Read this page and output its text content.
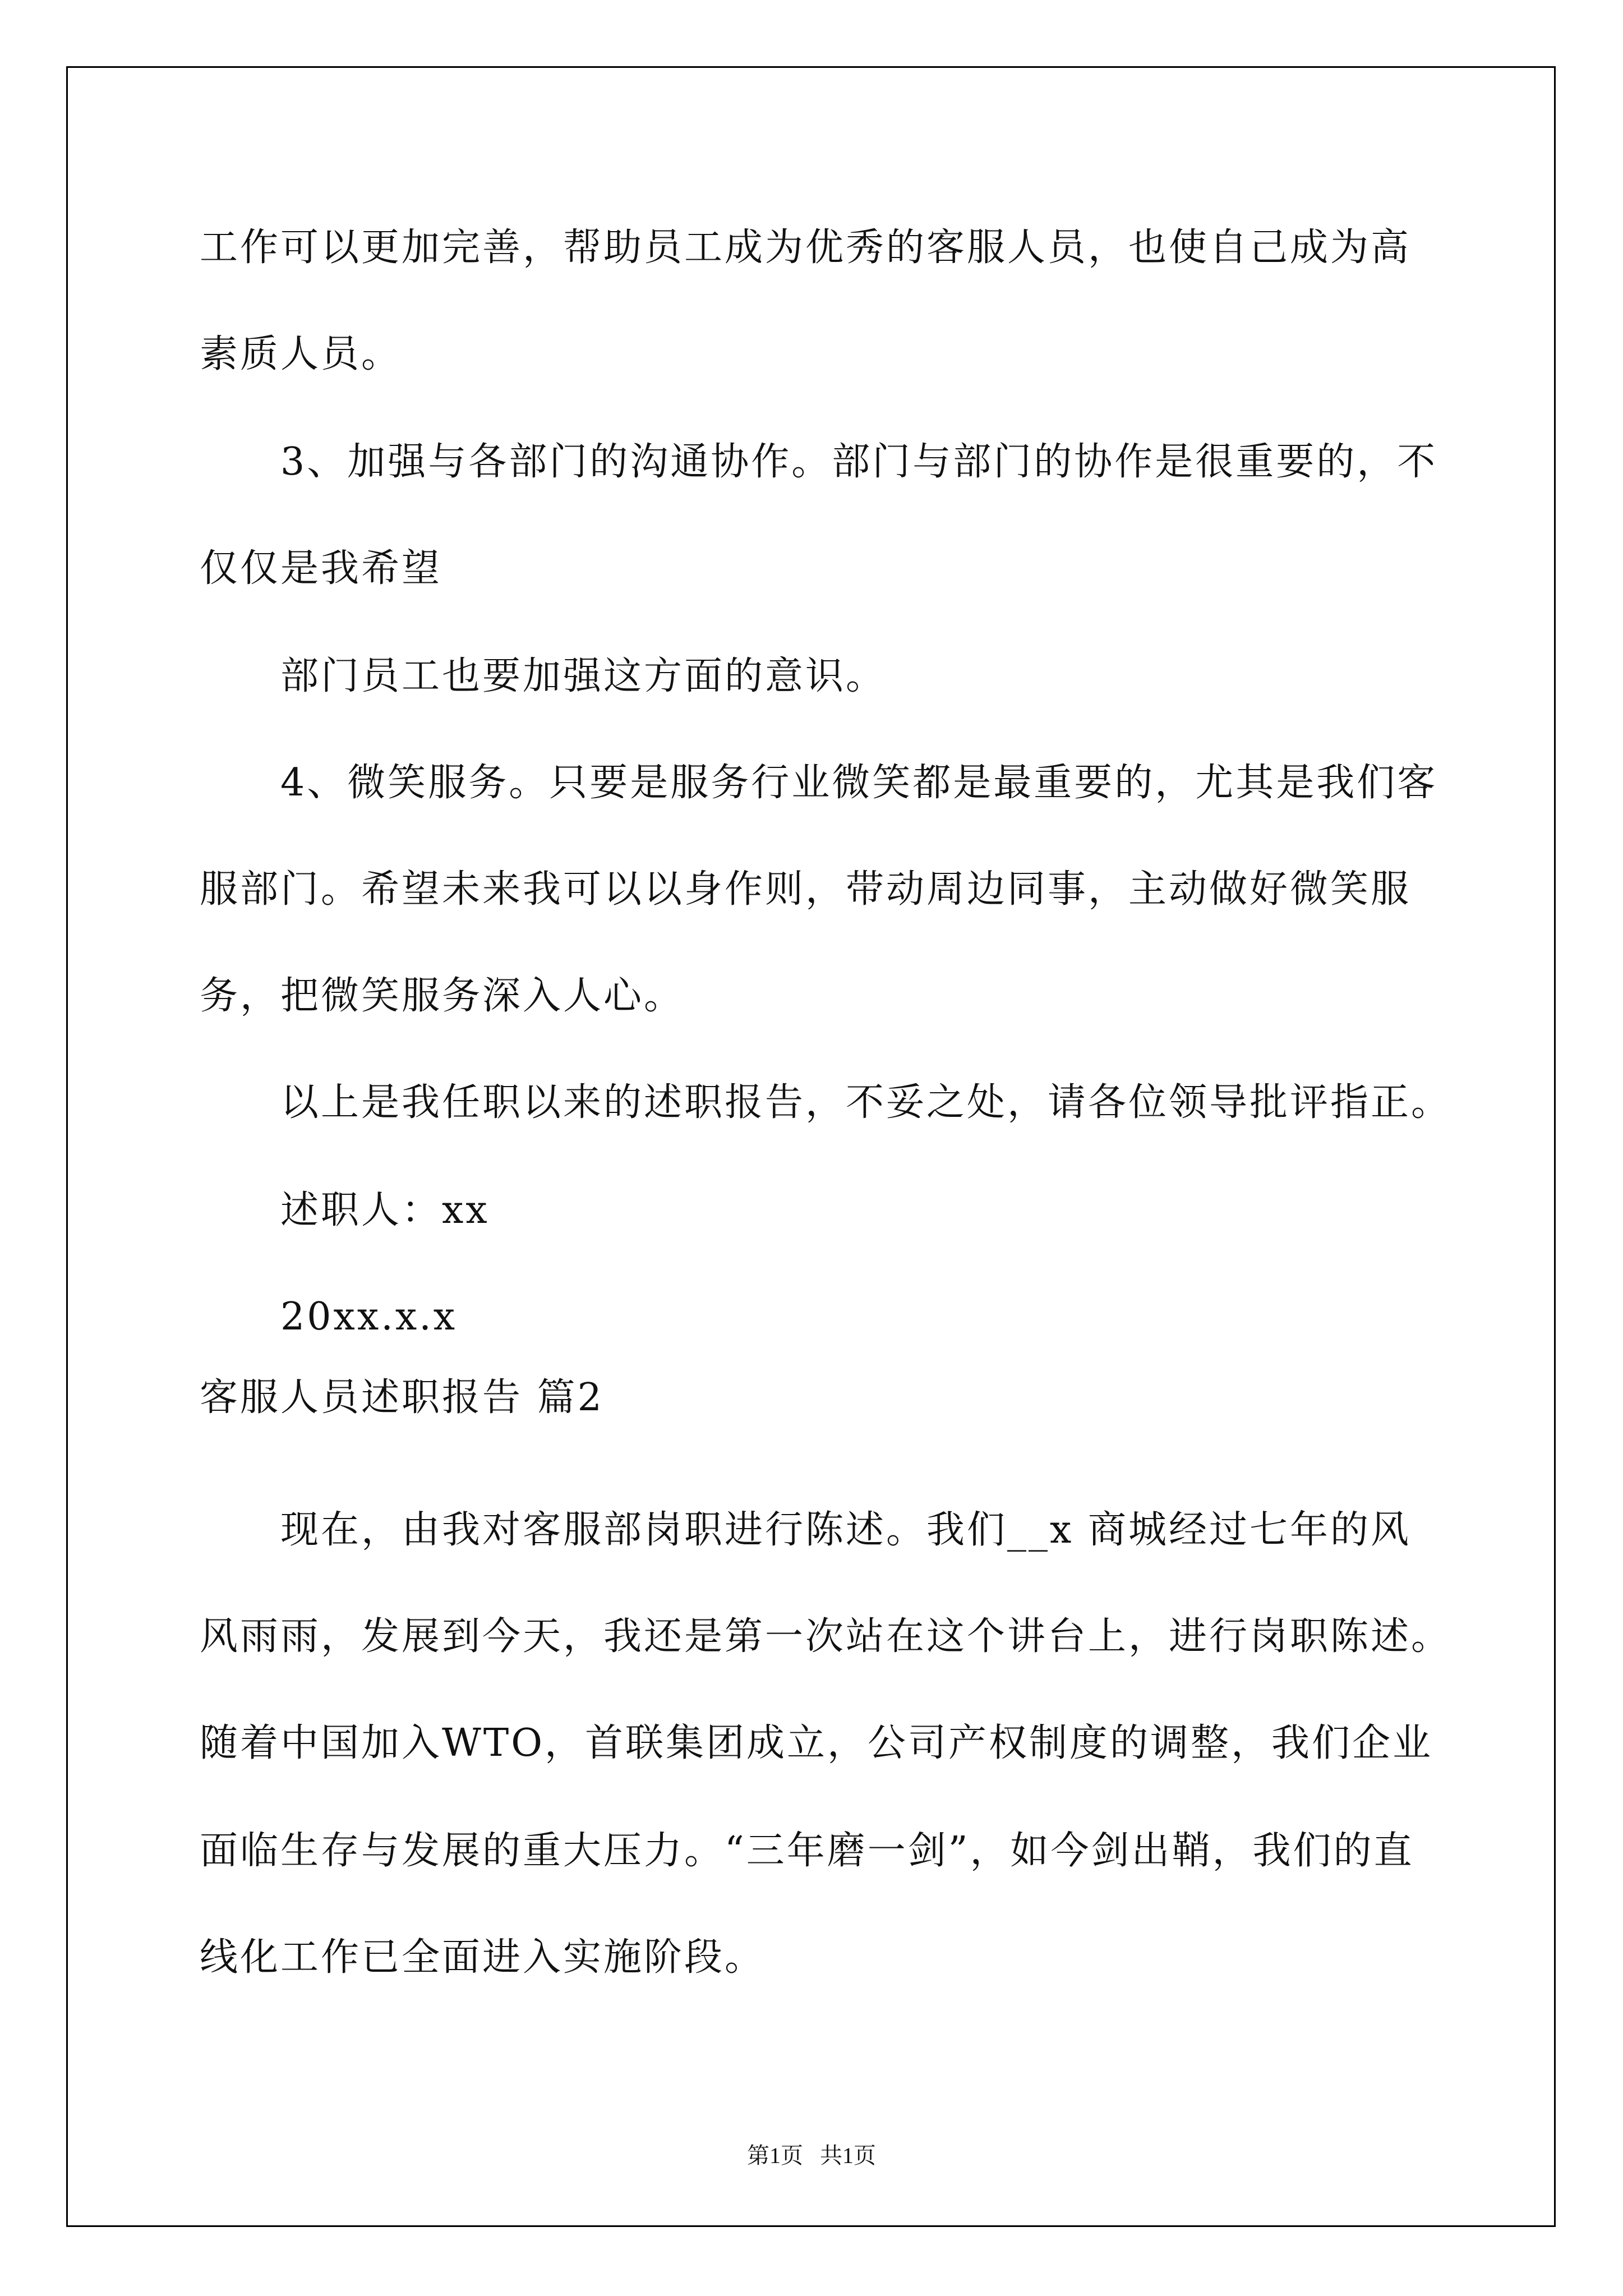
工作可以更加完善，帮助员工成为优秀的客服人员，也使自己成为高
素质人员。
3、加强与各部门的沟通协作。部门与部门的协作是很重要的，不
仅仅是我希望
部门员工也要加强这方面的意识。
4、微笑服务。只要是服务行业微笑都是最重要的，尤其是我们客
服部门。希望未来我可以以身作则，带动周边同事，主动做好微笑服
务，把微笑服务深入人心。
以上是我任职以来的述职报告，不妥之处，请各位领导批评指正。
述职人：xx
20xx.x.x
客服人员述职报告 篇2
现在，由我对客服部岗职进行陈述。我们__x 商城经过七年的风
风雨雨，发展到今天，我还是第一次站在这个讲台上，进行岗职陈述。
随着中国加入WTO，首联集团成立，公司产权制度的调整，我们企业
面临生存与发展的重大压力。“三年磨一剑”，如今剑出鞘，我们的直
线化工作已全面进入实施阶段。
第1页   共1页
